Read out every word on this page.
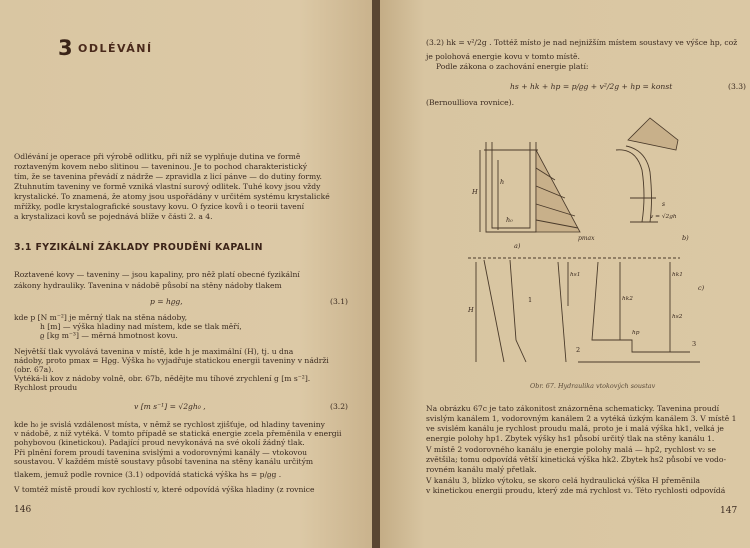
3 ODLÉVÁNÍ
Odlévání je operace při výrobě odlitku, při níž se vyplňuje dutina ve formě
roztaveným kovem nebo slitinou — taveninou. Je to pochod charakteristický
tím, že se tavenina převádí z nádrže — zpravidla z licí pánve — do dutiny formy.
Ztuhnutím taveniny ve formě vzniká vlastní surový odlitek. Tuhé kovy jsou vždy
krystalické. To znamená, že atomy jsou uspořádány v určitém systému krystalické
mřížky, podle krystalografické soustavy kovu. O fyzice kovů i o teorii tavení
a krystalizaci kovů se pojednává blíže v části 2. a 4.
3.1 FYZIKÁLNÍ ZÁKLADY PROUDĚNÍ KAPALIN
Roztavené kovy — taveniny — jsou kapaliny, pro něž platí obecné fyzikální
zákony hydrauliky. Tavenina v nádobě působí na stěny nádoby tlakem
p = hϱg,	(3.1)
kde p [N m⁻²] je měrný tlak na stěna nádoby,
h [m] — výška hladiny nad místem, kde se tlak měří,
ϱ [kg m⁻³] — měrná hmotnost kovu.
Největší tlak vyvolává tavenina v místě, kde h je maximální (H), tj. u dna
nádoby, proto pmax = Hϱg. Výška h₀ vyjadřuje statickou energii taveniny v nádrži
(obr. 67a).
Vytéká-li kov z nádoby volně, obr. 67b, nědějte mu tíhové zrychlení g [m s⁻²].
Rychlost proudu
v [m s⁻¹] = √2gh₀ ,	(3.2)
kde h₀ je svislá vzdálenost místa, v němž se rychlost zjišťuje, od hladiny taveniny
v nádobě, z níž vytéká. V tomto případě se statická energie zcela přeměnila v energii
pohybovou (kinetickou). Padající proud nevykonává na své okolí žádný tlak.
Při plnění forem proudí tavenina svislými a vodorovnými kanály — vtokovou
soustavou. V každém místě soustavy působí tavenina na stěny kanálu určitým
tlakem, jemuž podle rovnice (3.1) odpovídá statická výška hs = p/ϱg .
V tomtéž místě proudí kov rychlostí v, které odpovídá výška hladiny (z rovnice
146
(3.2) hk = v²/2g . Tottéž místo je nad nejnižším místem soustavy ve výšce hp, což
je polohová energie kovu v tomto místě.
Podle zákona o zachování energie platí:
hs + hk + hp = p/ϱg + v²/2g + hp = konst	(3.3)
(Bernoulliova rovnice).
H
h
h₀
pmax
a)
s
v = √2gh
b)
H
hk1
hs2
hs1
hk2
hp
1
2
3
c)
Obr. 67. Hydraulika vtokových soustav
Na obrázku 67c je tato zákonitost znázorněna schematicky. Tavenina proudí
svislým kanálem 1, vodorovným kanálem 2 a vytéká úzkým kanálem 3. V místě 1
ve svislém kanálu je rychlost proudu malá, proto je i malá výška hk1, velká je
energie polohy hp1. Zbytek výšky hs1 působí určitý tlak na stěny kanálu 1.
V místě 2 vodorovného kanálu je energie polohy malá — hp2, rychlost v₂ se
zvětšila; tomu odpovídá větší kinetická výška hk2. Zbytek hs2 působí ve vodo-
rovném kanálu malý přetlak.
V kanálu 3, blízko výtoku, se skoro celá hydraulická výška H přeměnila
v kinetickou energii proudu, který zde má rychlost v₃. Této rychlosti odpovídá
147
